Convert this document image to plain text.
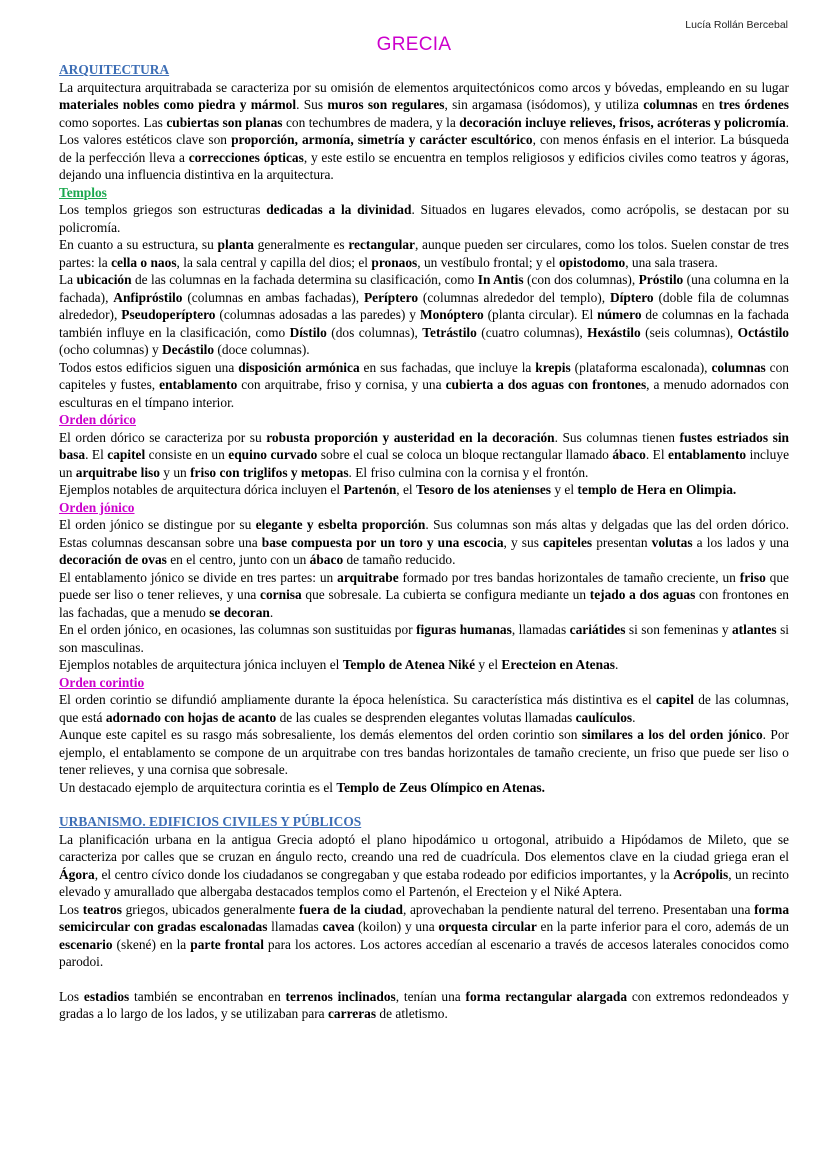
Lucía Rollán Bercebal
GRECIA
ARQUITECTURA

La arquitectura arquitrabada se caracteriza por su omisión de elementos arquitectónicos como arcos y bóvedas, empleando en su lugar materiales nobles como piedra y mármol. Sus muros son regulares, sin argamasa (isódomos), y utiliza columnas en tres órdenes como soportes. Las cubiertas son planas con techumbres de madera, y la decoración incluye relieves, frisos, acróteras y policromía. Los valores estéticos clave son proporción, armonía, simetría y carácter escultórico, con menos énfasis en el interior. La búsqueda de la perfección lleva a correcciones ópticas, y este estilo se encuentra en templos religiosos y edificios civiles como teatros y ágoras, dejando una influencia distintiva en la arquitectura.

Templos

Los templos griegos son estructuras dedicadas a la divinidad. Situados en lugares elevados, como acrópolis, se destacan por su policromía.

En cuanto a su estructura, su planta generalmente es rectangular, aunque pueden ser circulares, como los tolos. Suelen constar de tres partes: la cella o naos, la sala central y capilla del dios; el pronaos, un vestíbulo frontal; y el opistodomo, una sala trasera.

La ubicación de las columnas en la fachada determina su clasificación, como In Antis (con dos columnas), Próstilo (una columna en la fachada), Anfipróstilo (columnas en ambas fachadas), Períptero (columnas alrededor del templo), Díptero (doble fila de columnas alrededor), Pseudoperíptero (columnas adosadas a las paredes) y Monóptero (planta circular). El número de columnas en la fachada también influye en la clasificación, como Dístilo (dos columnas), Tetrástilo (cuatro columnas), Hexástilo (seis columnas), Octástilo (ocho columnas) y Decástilo (doce columnas).

Todos estos edificios siguen una disposición armónica en sus fachadas, que incluye la krepis (plataforma escalonada), columnas con capiteles y fustes, entablamento con arquitrabe, friso y cornisa, y una cubierta a dos aguas con frontones, a menudo adornados con esculturas en el tímpano interior.

Orden dórico

El orden dórico se caracteriza por su robusta proporción y austeridad en la decoración. Sus columnas tienen fustes estriados sin basa. El capitel consiste en un equino curvado sobre el cual se coloca un bloque rectangular llamado ábaco. El entablamento incluye un arquitrabe liso y un friso con triglifos y metopas. El friso culmina con la cornisa y el frontón.

Ejemplos notables de arquitectura dórica incluyen el Partenón, el Tesoro de los atenienses y el templo de Hera en Olimpia.

Orden jónico

El orden jónico se distingue por su elegante y esbelta proporción. Sus columnas son más altas y delgadas que las del orden dórico. Estas columnas descansan sobre una base compuesta por un toro y una escocia, y sus capiteles presentan volutas a los lados y una decoración de ovas en el centro, junto con un ábaco de tamaño reducido.

El entablamento jónico se divide en tres partes: un arquitrabe formado por tres bandas horizontales de tamaño creciente, un friso que puede ser liso o tener relieves, y una cornisa que sobresale. La cubierta se configura mediante un tejado a dos aguas con frontones en las fachadas, que a menudo se decoran.

En el orden jónico, en ocasiones, las columnas son sustituidas por figuras humanas, llamadas cariátides si son femeninas y atlantes si son masculinas.

Ejemplos notables de arquitectura jónica incluyen el Templo de Atenea Niké y el Erecteion en Atenas.

Orden corintio

El orden corintio se difundió ampliamente durante la época helenística. Su característica más distintiva es el capitel de las columnas, que está adornado con hojas de acanto de las cuales se desprenden elegantes volutas llamadas caulículos.

Aunque este capitel es su rasgo más sobresaliente, los demás elementos del orden corintio son similares a los del orden jónico. Por ejemplo, el entablamento se compone de un arquitrabe con tres bandas horizontales de tamaño creciente, un friso que puede ser liso o tener relieves, y una cornisa que sobresale.

Un destacado ejemplo de arquitectura corintia es el Templo de Zeus Olímpico en Atenas.

URBANISMO. EDIFICIOS CIVILES Y PÚBLICOS

La planificación urbana en la antigua Grecia adoptó el plano hipodámico u ortogonal, atribuido a Hipódamos de Mileto, que se caracteriza por calles que se cruzan en ángulo recto, creando una red de cuadrícula. Dos elementos clave en la ciudad griega eran el Ágora, el centro cívico donde los ciudadanos se congregaban y que estaba rodeado por edificios importantes, y la Acrópolis, un recinto elevado y amurallado que albergaba destacados templos como el Partenón, el Erecteion y el Niké Aptera.

Los teatros griegos, ubicados generalmente fuera de la ciudad, aprovechaban la pendiente natural del terreno. Presentaban una forma semicircular con gradas escalonadas llamadas cavea (koilon) y una orquesta circular en la parte inferior para el coro, además de un escenario (skené) en la parte frontal para los actores. Los actores accedían al escenario a través de accesos laterales conocidos como parodoi.

Los estadios también se encontraban en terrenos inclinados, tenían una forma rectangular alargada con extremos redondeados y gradas a lo largo de los lados, y se utilizaban para carreras de atletismo.
